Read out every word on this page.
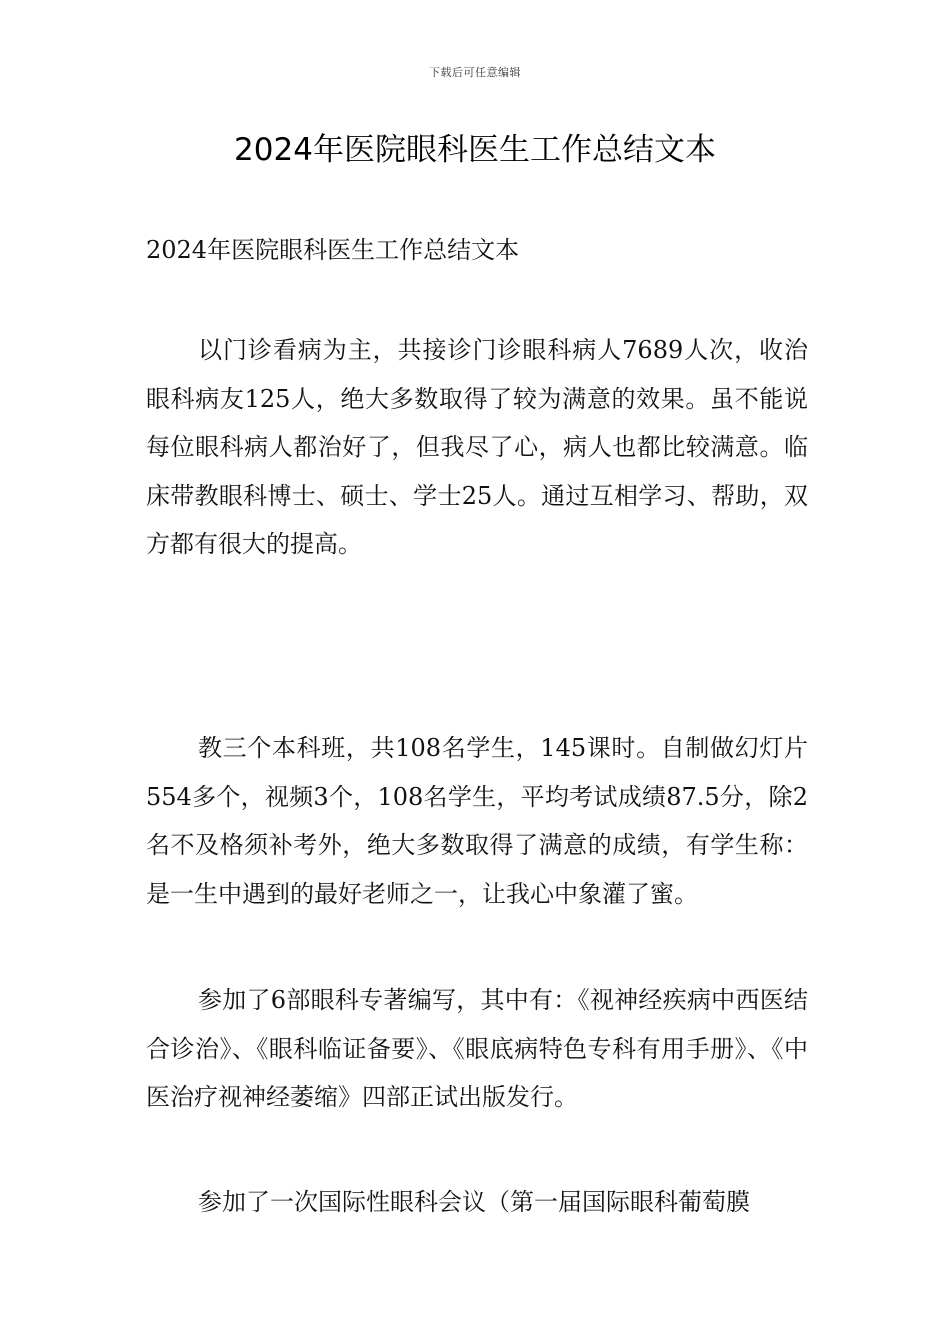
下载后可任意编辑
2024年医院眼科医生工作总结文本

2024年医院眼科医生工作总结文本

以门诊看病为主，共接诊门诊眼科病人7689人次，收治眼科病友125人，绝大多数取得了较为满意的效果。虽不能说每位眼科病人都治好了，但我尽了心，病人也都比较满意。临床带教眼科博士、硕士、学士25人。通过互相学习、帮助，双方都有很大的提高。

教三个本科班，共108名学生，145课时。自制做幻灯片554多个，视频3个，108名学生，平均考试成绩87.5分，除2名不及格须补考外，绝大多数取得了满意的成绩，有学生称：是一生中遇到的最好老师之一，让我心中象灌了蜜。

参加了6部眼科专著编写，其中有：《视神经疾病中西医结合诊治》、《眼科临证备要》、《眼底病特色专科有用手册》、《中医治疗视神经萎缩》四部正试出版发行。

参加了一次国际性眼科会议（第一届国际眼科葡萄膜
